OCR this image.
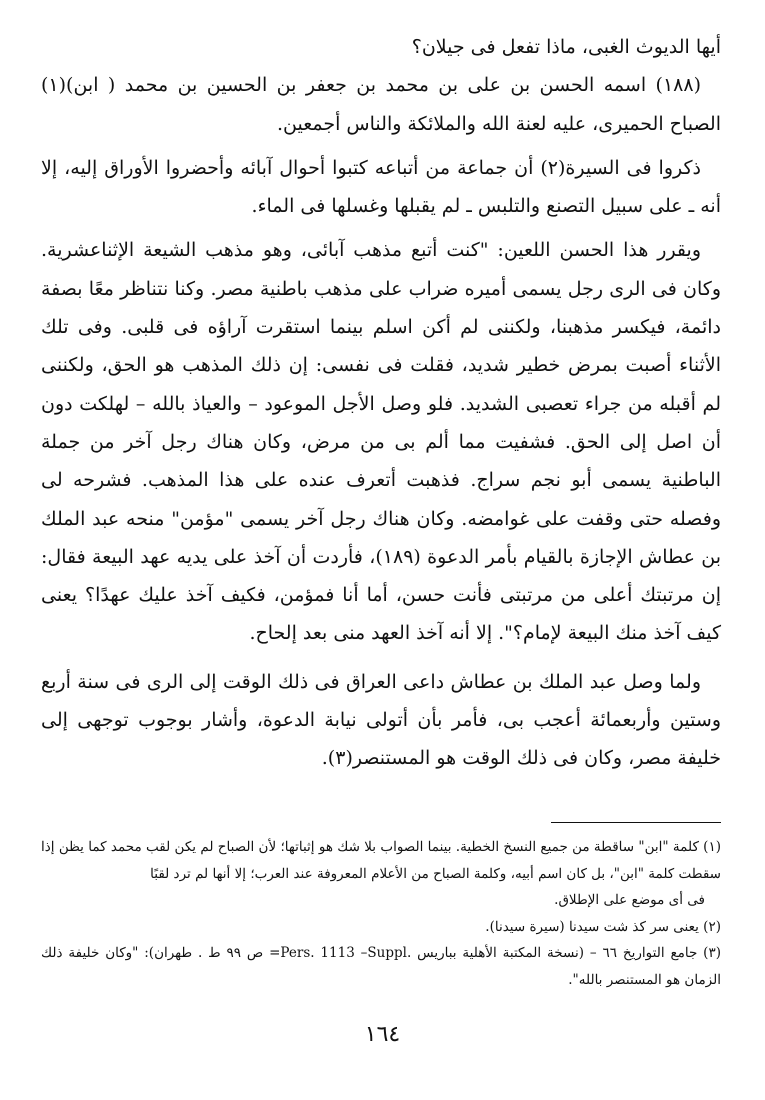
أيها الديوث الغبى، ماذا تفعل فى جيلان؟

(١٨٨) اسمه الحسن بن على بن محمد بن جعفر بن الحسين بن محمد ( ابن)(١) الصباح الحميرى، عليه لعنة الله والملائكة والناس أجمعين.

ذكروا فى السيرة(٢) أن جماعة من أتباعه كتبوا أحوال آبائه وأحضروا الأوراق إليه، إلا أنه ـ على سبيل التصنع والتلبس ـ لم يقبلها وغسلها فى الماء.

ويقرر هذا الحسن اللعين: "كنت أتبع مذهب آبائى، وهو مذهب الشيعة الإثناعشرية. وكان فى الرى رجل يسمى أميره ضراب على مذهب باطنية مصر. وكنا نتناظر معًا بصفة دائمة، فيكسر مذهبنا، ولكننى لم أكن اسلم بينما استقرت آراؤه فى قلبى. وفى تلك الأثناء أصبت بمرض خطير شديد، فقلت فى نفسى: إن ذلك المذهب هو الحق، ولكننى لم أقبله من جراء تعصبى الشديد. فلو وصل الأجل الموعود – والعياذ بالله – لهلكت دون أن اصل إلى الحق. فشفيت مما ألم بى من مرض، وكان هناك رجل آخر من جملة الباطنية يسمى أبو نجم سراج. فذهبت أتعرف عنده على هذا المذهب. فشرحه لى وفصله حتى وقفت على غوامضه. وكان هناك رجل آخر يسمى "مؤمن" منحه عبد الملك بن عطاش الإجازة بالقيام بأمر الدعوة (١٨٩)، فأردت أن آخذ على يديه عهد البيعة فقال: إن مرتبتك أعلى من مرتبتى فأنت حسن، أما أنا فمؤمن، فكيف آخذ عليك عهدًا؟ يعنى كيف آخذ منك البيعة لإمام؟". إلا أنه آخذ العهد منى بعد إلحاح.

ولما وصل عبد الملك بن عطاش داعى العراق فى ذلك الوقت إلى الرى فى سنة أربع وستين وأربعمائة أعجب بى، فأمر بأن أتولى نيابة الدعوة، وأشار بوجوب توجهى إلى خليفة مصر، وكان فى ذلك الوقت هو المستنصر(٣).

(١) كلمة "ابن" ساقطة من جميع النسخ الخطية. بينما الصواب بلا شك هو إثباتها؛ لأن الصباح لم يكن لقب محمد كما يظن إذا سقطت كلمة "ابن"، بل كان اسم أبيه، وكلمة الصباح من الأعلام المعروفة عند العرب؛ إلا أنها لم ترد لقبًا

فى أى موضع على الإطلاق.

(٢) يعنى سر كذ شت سيدنا (سيرة سيدنا).

(٣) جامع التواريخ ٦٦ – (نسخة المكتبة الأهلية بباريس .Pers. 1113 –Suppl= ص ٩٩ ط . طهران): "وكان خليفة ذلك الزمان هو المستنصر بالله".

١٦٤
